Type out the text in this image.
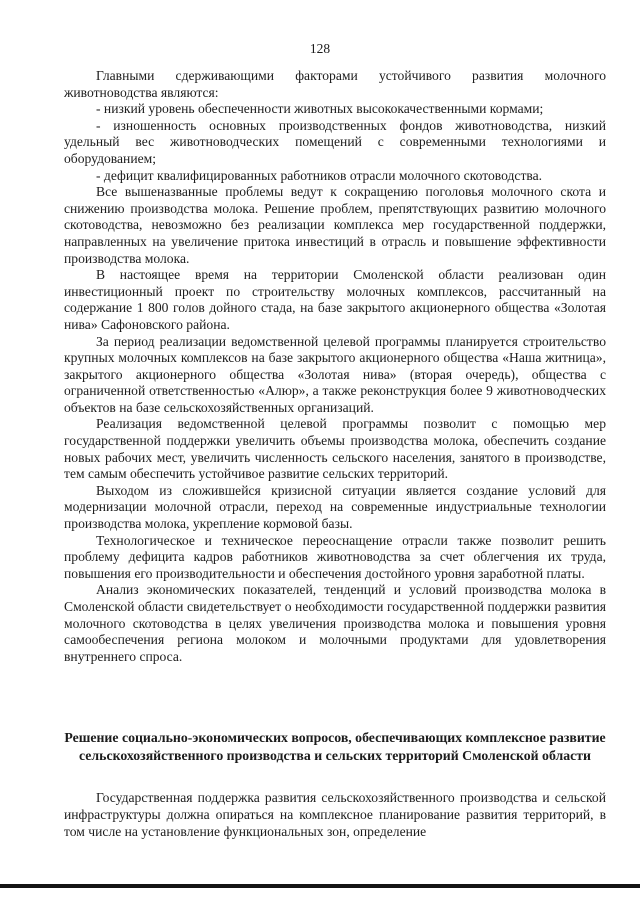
128

Главными сдерживающими факторами устойчивого развития молочного животноводства являются:

- низкий уровень обеспеченности животных высококачественными кормами;

- изношенность основных производственных фондов животноводства, низкий удельный вес животноводческих помещений с современными технологиями и оборудованием;

- дефицит квалифицированных работников отрасли молочного скотоводства.

Все вышеназванные проблемы ведут к сокращению поголовья молочного скота и снижению производства молока. Решение проблем, препятствующих развитию молочного скотоводства, невозможно без реализации комплекса мер государственной поддержки, направленных на увеличение притока инвестиций в отрасль и повышение эффективности производства молока.

В настоящее время на территории Смоленской области реализован один инвестиционный проект по строительству молочных комплексов, рассчитанный на содержание 1 800 голов дойного стада, на базе закрытого акционерного общества «Золотая нива» Сафоновского района.

За период реализации ведомственной целевой программы планируется строительство крупных молочных комплексов на базе закрытого акционерного общества «Наша житница», закрытого акционерного общества «Золотая нива» (вторая очередь), общества с ограниченной ответственностью «Алюр», а также реконструкция более 9 животноводческих объектов на базе сельскохозяйственных организаций.

Реализация ведомственной целевой программы позволит с помощью мер государственной поддержки увеличить объемы производства молока, обеспечить создание новых рабочих мест, увеличить численность сельского населения, занятого в производстве, тем самым обеспечить устойчивое развитие сельских территорий.

Выходом из сложившейся кризисной ситуации является создание условий для модернизации молочной отрасли, переход на современные индустриальные технологии производства молока, укрепление кормовой базы.

Технологическое и техническое переоснащение отрасли также позволит решить проблему дефицита кадров работников животноводства за счет облегчения их труда, повышения его производительности и обеспечения достойного уровня заработной платы.

Анализ экономических показателей, тенденций и условий производства молока в Смоленской области свидетельствует о необходимости государственной поддержки развития молочного скотоводства в целях увеличения производства молока и повышения уровня самообеспечения региона молоком и молочными продуктами для удовлетворения внутреннего спроса.

Решение социально-экономических вопросов, обеспечивающих комплексное развитие сельскохозяйственного производства и сельских территорий Смоленской области

Государственная поддержка развития сельскохозяйственного производства и сельской инфраструктуры должна опираться на комплексное планирование развития территорий, в том числе на установление функциональных зон, определение
